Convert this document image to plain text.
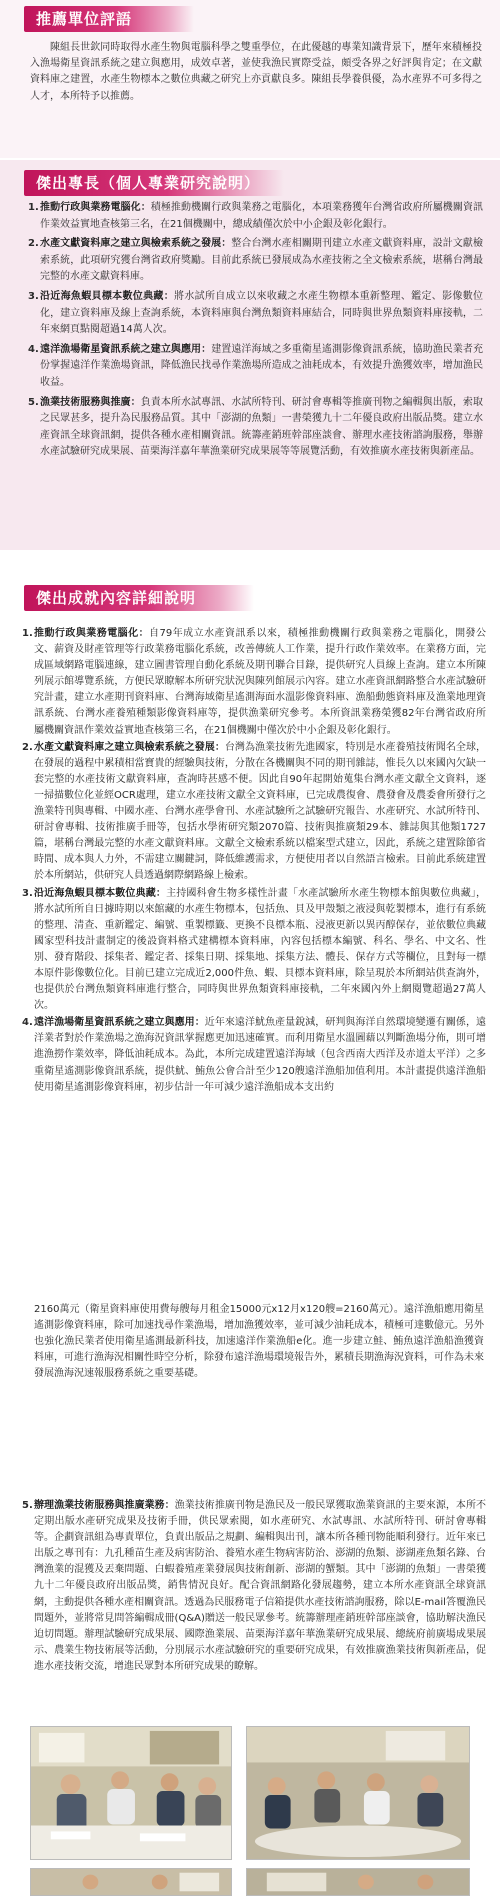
推薦單位評語

陳組長世欽同時取得水產生物與電腦科學之雙重學位，在此優越的專業知識背景下，歷年來積極投入漁場衛星資訊系統之建立與應用，成效卓著，並使我漁民實際受益，頗受各界之好評與肯定；在文獻資料庫之建置，水產生物標本之數位典藏之研究上亦貢獻良多。陳組長學養俱優，為水產界不可多得之人才，本所特予以推薦。

傑出專長（個人專業研究說明）
1. 推動行政與業務電腦化：積極推動機關行政與業務之電腦化，本項業務獲年台灣省政府所屬機關資訊作業效益實地查核第三名，在21個機關中，總成績僅次於中小企銀及彰化銀行。
2. 水產文獻資料庫之建立與檢索系統之發展：整合台灣水產相關期刊建立水產文獻資料庫，設計文獻檢索系統，此項研究獲台灣省政府獎勵。目前此系統已發展成為水產技術之全文檢索系統，堪稱台灣最完整的水產文獻資料庫。
3. 沿近海魚蝦貝標本數位典藏：將水試所自成立以來收藏之水產生物標本重新整理、鑑定、影像數位化，建立資料庫及線上查詢系統，本資料庫與台灣魚類資料庫結合，同時與世界魚類資料庫接軌，二年來網頁點閱超過14萬人次。
4. 遠洋漁場衛星資訊系統之建立與應用：建置遠洋海域之多重衛星遙測影像資訊系統，協助漁民業者充份掌握遠洋作業漁場資訊，降低漁民找尋作業漁場所造成之油耗成本，有效提升漁獲效率，增加漁民收益。
5. 漁業技術服務與推廣：負責本所水試專訊、水試所特刊、研討會專輯等推廣刊物之編輯與出版，索取之民眾甚多，提升為民服務品質。其中「澎湖的魚類」一書榮獲九十二年優良政府出版品獎。建立水產資訊全球資訊網，提供各種水產相關資訊。統籌產銷班幹部座談會、辦理水產技術諮詢服務，舉辦水產試驗研究成果展、苗栗海洋嘉年華漁業研究成果展等等展覽活動，有效推廣水產技術與新產品。
傑出成就內容詳細說明
1. 推動行政與業務電腦化：自79年成立水產資訊系以來，積極推動機關行政與業務之電腦化，開發公文、薪資及財產管理等行政業務電腦化系統，改善傳統人工作業，提升行政作業效率。在業務方面，完成區域網路電腦連線，建立圖書管理自動化系統及期刊聯合目錄，提供研究人員線上查詢。建立本所陳列展示館導覽系統，方便民眾瞭解本所研究狀況與陳列館展示內容。建立水產資訊網路整合水產試驗研究計畫，建立水產期刊資料庫、台灣海域衛星遙測海面水溫影像資料庫、漁船動態資料庫及漁業地理資訊系統、台灣水產養殖種類影像資料庫等，提供漁業研究參考。本所資訊業務榮獲82年台灣省政府所屬機關資訊作業效益實地查核第三名，在21個機關中僅次於中小企銀及彰化銀行。
2. 水產文獻資料庫之建立與檢索系統之發展：台灣為漁業技術先進國家，特別是水產養殖技術聞名全球，在發展的過程中累積相當寶貴的經驗與技術，分散在各機關與不同的期刊雜誌，惟長久以來國內欠缺一套完整的水產技術文獻資料庫，查詢時甚感不便。因此自90年起開始蒐集台灣水產文獻全文資料，逐一掃描數位化並經OCR處理，建立水產技術文獻全文資料庫，已完成農復會、農發會及農委會所發行之漁業特刊與專輯、中國水產、台灣水產學會刊、水產試驗所之試驗研究報告、水產研究、水試所特刊、研討會專輯、技術推廣手冊等，包括水學術研究類2070篇、技術與推廣類29本、雜誌與其他類1727篇，堪稱台灣最完整的水產文獻資料庫。文獻全文檢索系統以檔案型式建立，因此，系統之建置除節省時間、成本與人力外，不需建立關鍵詞，降低維護需求，方便使用者以自然語言檢索。目前此系統建置於本所網站，供研究人員透過網際網路線上檢索。
3. 沿近海魚蝦貝標本數位典藏：主持國科會生物多樣性計畫「水產試驗所水產生物標本館與數位典藏」，將水試所所自日據時期以來館藏的水產生物標本，包括魚、貝及甲殼類之液浸與乾製標本，進行有系統的整理、清查、重新鑑定、編號、重製標籤、更換不良標本瓶、浸液更新以異丙醇保存，並依數位典藏國家型科技計畫制定的後設資料格式建構標本資料庫，內容包括標本編號、科名、學名、中文名、性別、發育階段、採集者、鑑定者、採集日期、採集地、採集方法、體長、保存方式等欄位，且對每一標本原件影像數位化。目前已建立完成近2,000件魚、蝦、貝標本資料庫，除呈現於本所網站供查詢外，也提供於台灣魚類資料庫進行整合，同時與世界魚類資料庫接軌，二年來國內外上網閱覽超過27萬人次。
4. 遠洋漁場衛星資訊系統之建立與應用：近年來遠洋魷魚產量銳減，研判與海洋自然環境變遷有關係，遠洋業者對於作業漁場之漁海況資訊掌握應更加迅速確實。而利用衛星水溫圖藉以判斷漁場分佈，則可增進漁撈作業效率，降低油耗成本。為此，本所完成建置遠洋海域（包含西南大西洋及赤道太平洋）之多重衛星遙測影像資訊系統，提供魷、鮪魚公會合計至少120艘遠洋漁船加值利用。本計畫提供遠洋漁船使用衛星遙測影像資料庫，初步估計一年可減少遠洋漁船成本支出約

2160萬元（衛星資料庫使用費每艘每月租金15000元x12月x120艘=2160萬元）。遠洋漁船應用衛星遙測影像資料庫，除可加速找尋作業漁場，增加漁獲效率，並可減少油耗成本，積極可達數億元。另外也強化漁民業者使用衛星遙測最新科技，加速遠洋作業漁船e化。進一步建立鮭、鮪魚遠洋漁船漁獲資料庫，可進行漁海況相關性時空分析，除發布遠洋漁場環境報告外，累積長期漁海況資料，可作為未來發展漁海況速報服務系統之重要基礎。

5. 辦理漁業技術服務與推廣業務：漁業技術推廣刊物是漁民及一般民眾獲取漁業資訊的主要來源，本所不定期出版水產研究成果及技術手冊，供民眾索閱，如水產研究、水試專訊、水試所特刊、研討會專輯等。企劃資訊組為專責單位，負責出版品之規劃、編輯與出刊，讓本所各種刊物能順利發行。近年來已出版之專刊有：九孔種苗生產及病害防治、養殖水產生物病害防治、澎湖的魚類、澎湖產魚類名錄、台灣漁業的混獲及丟棄問題、白蝦養殖產業發展與技術創新、澎湖的蟹類。其中「澎湖的魚類」一書榮獲九十二年優良政府出版品獎，銷售情況良好。配合資訊網路化發展趨勢，建立本所水產資訊全球資訊網，主動提供各種水產相關資訊。透過為民服務電子信箱提供水產技術諮詢服務，除以E-mail答覆漁民問題外，並將常見問答編輯成冊(Q&A)贈送一般民眾參考。統籌辦理產銷班幹部座談會，協助解決漁民迫切問題。辦理試驗研究成果展、國際漁業展、苗栗海洋嘉年華漁業研究成果展、總統府前廣場成果展示、農業生物技術展等活動，分別展示水產試驗研究的重要研究成果，有效推廣漁業技術與新產品，促進水產技術交流，增進民眾對本所研究成果的瞭解。
